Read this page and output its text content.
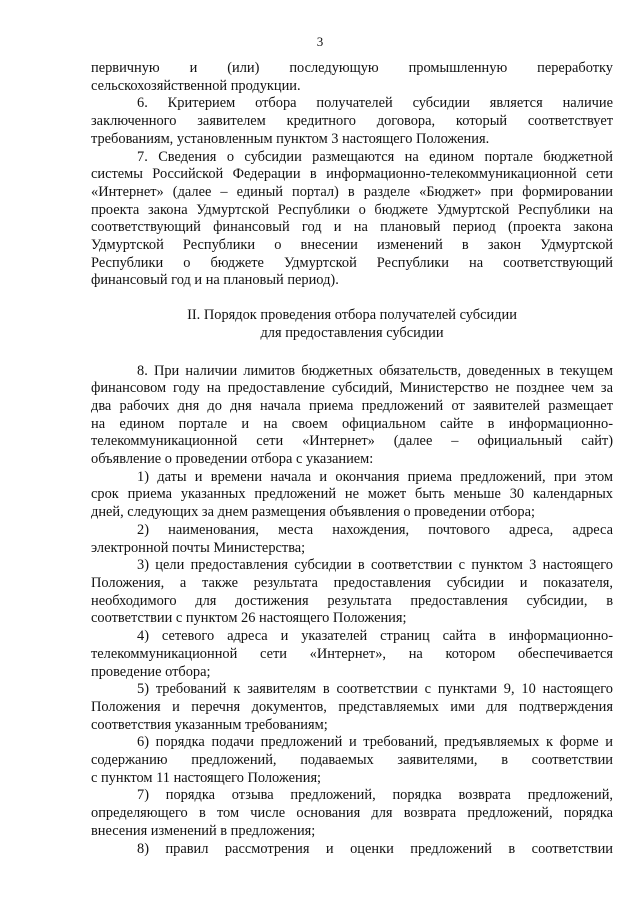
3

первичную и (или) последующую промышленную переработку

сельскохозяйственной продукции.

6. Критерием отбора получателей субсидии является наличие

заключенного заявителем кредитного договора, который соответствует

требованиям, установленным пунктом 3 настоящего Положения.

7. Сведения о субсидии размещаются на едином портале бюджетной

системы Российской Федерации в информационно-телекоммуникационной сети

«Интернет» (далее – единый портал) в разделе «Бюджет» при формировании

проекта закона Удмуртской Республики о бюджете Удмуртской Республики на

соответствующий финансовый год и на плановый период (проекта закона

Удмуртской Республики о внесении изменений в закон Удмуртской

Республики о бюджете Удмуртской Республики на соответствующий

финансовый год и на плановый период).

II. Порядок проведения отбора получателей субсидии

для предоставления субсидии

8. При наличии лимитов бюджетных обязательств, доведенных в текущем

финансовом году на предоставление субсидий, Министерство не позднее чем за

два рабочих дня до дня начала приема предложений от заявителей размещает

на едином портале и на своем официальном сайте в информационно-

телекоммуникационной сети «Интернет» (далее – официальный сайт)

объявление о проведении отбора с указанием:

1) даты и времени начала и окончания приема предложений, при этом

срок приема указанных предложений не может быть меньше 30 календарных

дней, следующих за днем размещения объявления о проведении отбора;

2) наименования, места нахождения, почтового адреса, адреса

электронной почты Министерства;

3) цели предоставления субсидии в соответствии с пунктом 3 настоящего

Положения, а также результата предоставления субсидии и показателя,

необходимого для достижения результата предоставления субсидии, в

соответствии с пунктом 26 настоящего Положения;

4) сетевого адреса и указателей страниц сайта в информационно-

телекоммуникационной сети «Интернет», на котором обеспечивается

проведение отбора;

5) требований к заявителям в соответствии с пунктами 9, 10 настоящего

Положения и перечня документов, представляемых ими для подтверждения

соответствия указанным требованиям;

6) порядка подачи предложений и требований, предъявляемых к форме и

содержанию предложений, подаваемых заявителями, в соответствии

с пунктом 11 настоящего Положения;

7) порядка отзыва предложений, порядка возврата предложений,

определяющего в том числе основания для возврата предложений, порядка

внесения изменений в предложения;

8) правил рассмотрения и оценки предложений в соответствии
